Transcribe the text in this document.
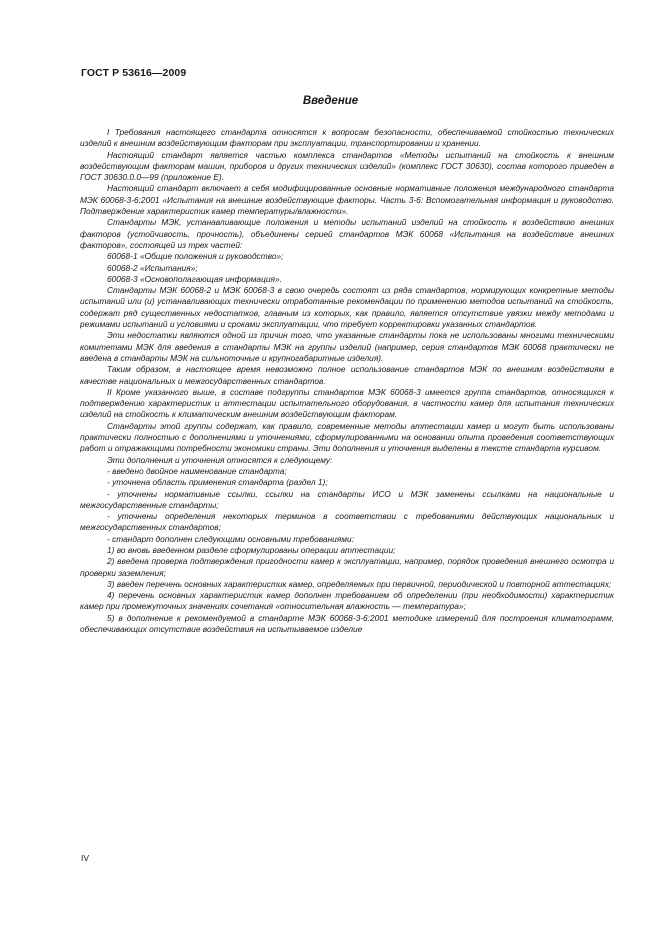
ГОСТ Р 53616—2009
Введение

I Требования настоящего стандарта относятся к вопросам безопасности, обеспечиваемой стойкостью технических изделий к внешним воздействующим факторам при эксплуатации, транспортировании и хранении.

Настоящий стандарт является частью комплекса стандартов «Методы испытаний на стойкость к внешним воздействующим факторам машин, приборов и других технических изделий» (комплекс ГОСТ 30630), состав которого приведен в ГОСТ 30630.0.0—99 (приложение Е).

Настоящий стандарт включает в себя модифицированные основные нормативные положения международного стандарта МЭК 60068-3-6:2001 «Испытания на внешние воздействующие факторы. Часть 3-6: Вспомогательная информация и руководство. Подтверждение характеристик камер температуры/влажности».

Стандарты МЭК, устанавливающие положения и методы испытаний изделий на стойкость к воздействию внешних факторов (устойчивость, прочность), объединены серией стандартов МЭК 60068 «Испытания на воздействие внешних факторов», состоящей из трех частей:

60068-1 «Общие положения и руководство»;

60068-2 «Испытания»;

60068-3 «Основополагающая информация».

Стандарты МЭК 60068-2 и МЭК 60068-3 в свою очередь состоят из ряда стандартов, нормирующих конкретные методы испытаний или (и) устанавливающих технически отработанные рекомендации по применению методов испытаний на стойкость, содержат ряд существенных недостатков, главным из которых, как правило, является отсутствие увязки между методами и режимами испытаний и условиями и сроками эксплуатации, что требует корректировки указанных стандартов.

Эти недостатки являются одной из причин того, что указанные стандарты пока не использованы многими техническими комитетами МЭК для введения в стандарты МЭК на группы изделий (например, серия стандартов МЭК 60068 практически не введена в стандарты МЭК на сильноточные и крупногабаритные изделия).

Таким образом, в настоящее время невозможно полное использование стандартов МЭК по внешним воздействиям в качестве национальных и межгосударственных стандартов.

II Кроме указанного выше, в составе подгруппы стандартов МЭК 60068-3 имеется группа стандартов, относящихся к подтверждению характеристик и аттестации испытательного оборудования, в частности камер для испытания технических изделий на стойкость к климатическим внешним воздействующим факторам.

Стандарты этой группы содержат, как правило, современные методы аттестации камер и могут быть использованы практически полностью с дополнениями и уточнениями, сформулированными на основании опыта проведения соответствующих работ и отражающими потребности экономики страны. Эти дополнения и уточнения выделены в тексте стандарта курсивом.

Эти дополнения и уточнения относятся к следующему:

- введено двойное наименование стандарта;

- уточнена область применения стандарта (раздел 1);

- уточнены нормативные ссылки, ссылки на стандарты ИСО и МЭК заменены ссылками на национальные и межгосударственные стандарты;

- уточнены определения некоторых терминов в соответствии с требованиями действующих национальных и межгосударственных стандартов;

- стандарт дополнен следующими основными требованиями:

1) во вновь введенном разделе сформулированы операции аттестации;

2) введена проверка подтверждения пригодности камер к эксплуатации, например, порядок проведения внешнего осмотра и проверки заземления;

3) введен перечень основных характеристик камер, определяемых при первичной, периодической и повторной аттестациях;

4) перечень основных характеристик камер дополнен требованием об определении (при необходимости) характеристик камер при промежуточных значениях сочетания «относительная влажность — температура»;

5) в дополнение к рекомендуемой в стандарте МЭК 60068-3-6:2001 методике измерений для построения климатограмм, обеспечивающих отсутствие воздействия на испытываемое изделие

IV
